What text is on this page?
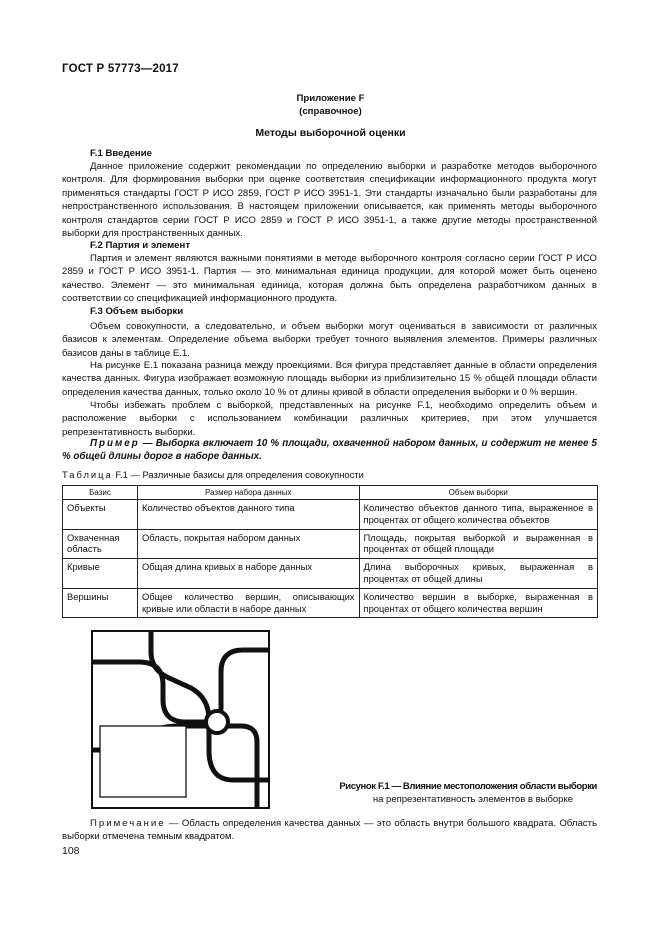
ГОСТ Р 57773—2017
Приложение F
(справочное)
Методы выборочной оценки
F.1 Введение
Данное приложение содержит рекомендации по определению выборки и разработке методов выборочного контроля. Для формирования выборки при оценке соответствия спецификации информационного продукта могут применяться стандарты ГОСТ Р ИСО 2859, ГОСТ Р ИСО 3951-1. Эти стандарты изначально были разработаны для непространственного использования. В настоящем приложении описывается, как применять методы выборочного контроля стандартов серии ГОСТ Р ИСО 2859 и ГОСТ Р ИСО 3951-1, а также другие методы пространственной выборки для пространственных данных.
F.2 Партия и элемент
Партия и элемент являются важными понятиями в методе выборочного контроля согласно серии ГОСТ Р ИСО 2859 и ГОСТ Р ИСО 3951-1. Партия — это минимальная единица продукции, для которой может быть оценено качество. Элемент — это минимальная единица, которая должна быть определена разработчиком данных в соответствии со спецификацией информационного продукта.
F.3 Объем выборки
Объем совокупности, а следовательно, и объем выборки могут оцениваться в зависимости от различных базисов к элементам. Определение объема выборки требует точного выявления элементов. Примеры различных базисов даны в таблице E.1.
На рисунке E.1 показана разница между проекциями. Вся фигура представляет данные в области определения качества данных. Фигура изображает возможную площадь выборки из приблизительно 15 % общей площади области определения качества данных, только около 10 % от длины кривой в области определения выборки и 0 % вершин.
Чтобы избежать проблем с выборкой, представленных на рисунке F.1, необходимо определить объем и расположение выборки с использованием комбинации различных критериев, при этом улучшается репрезентативность выборки.
Пример — Выборка включает 10 % площади, охваченной набором данных, и содержит не менее 5 % общей длины дорог в наборе данных.
Таблица F.1 — Различные базисы для определения совокупности
Базис	Размер набора данных	Объем выборки
Объекты	Количество объектов данного типа	Количество объектов данного типа, выраженное в процентах от общего количества объектов
Охваченная область	Область, покрытая набором данных	Площадь, покрытая выборкой и выраженная в процентах от общей площади
Кривые	Общая длина кривых в наборе данных	Длина выборочных кривых, выраженная в процентах от общей длины
Вершины	Общее количество вершин, описывающих кривые или области в наборе данных	Количество вершин в выборке, выраженная в процентах от общего количества вершин
Рисунок F.1 — Влияние местоположения области выборки
на репрезентативность элементов в выборке
Примечание — Область определения качества данных — это область внутри большого квадрата. Область выборки отмечена темным квадратом.
108
